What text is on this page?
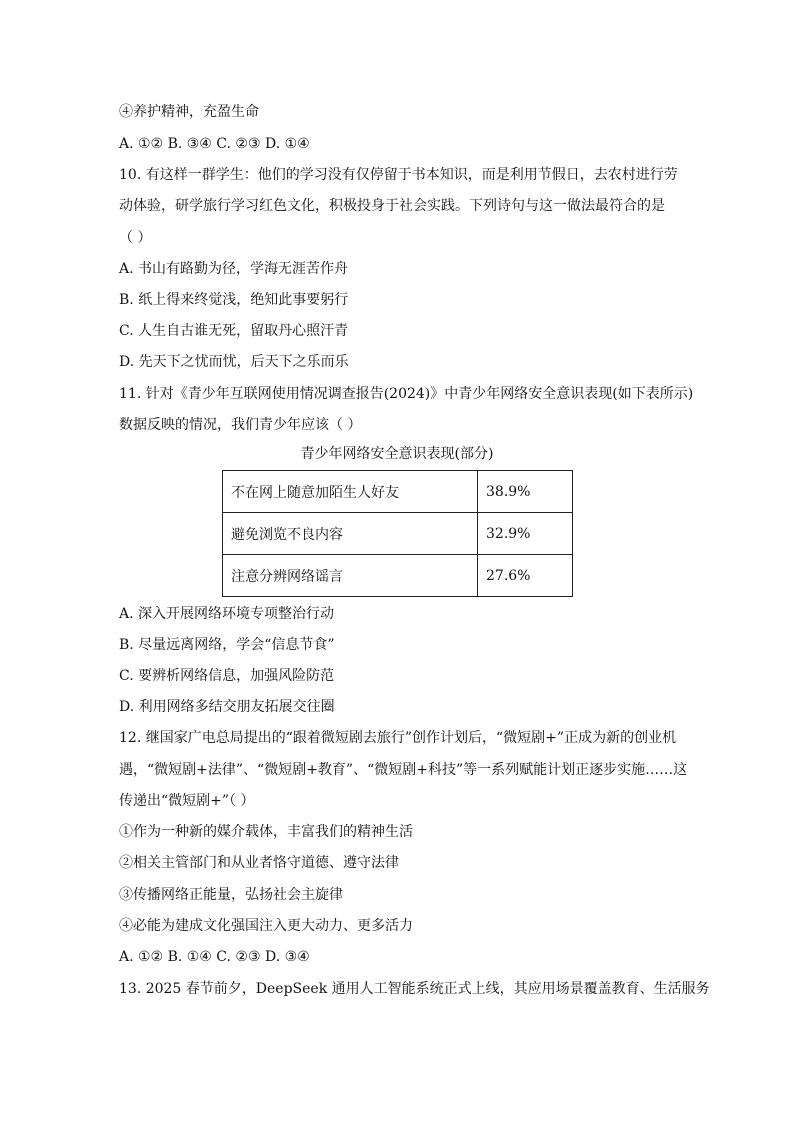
④养护精神，充盈生命
A. ①② B. ③④ C. ②③ D. ①④
10. 有这样一群学生：他们的学习没有仅停留于书本知识，而是利用节假日，去农村进行劳
动体验，研学旅行学习红色文化，积极投身于社会实践。下列诗句与这一做法最符合的是
（ ）
A. 书山有路勤为径，学海无涯苦作舟
B. 纸上得来终觉浅，绝知此事要躬行
C. 人生自古谁无死，留取丹心照汗青
D. 先天下之忧而忧，后天下之乐而乐
11. 针对《青少年互联网使用情况调查报告(2024)》中青少年网络安全意识表现(如下表所示)
数据反映的情况，我们青少年应该（ ）
青少年网络安全意识表现(部分)
不在网上随意加陌生人好友	38.9%
避免浏览不良内容	32.9%
注意分辨网络谣言	27.6%
A. 深入开展网络环境专项整治行动
B. 尽量远离网络，学会“信息节食”
C. 要辨析网络信息，加强风险防范
D. 利用网络多结交朋友拓展交往圈
12. 继国家广电总局提出的“跟着微短剧去旅行”创作计划后，“微短剧+”正成为新的创业机
遇，“微短剧+法律”、“微短剧+教育”、“微短剧+科技”等一系列赋能计划正逐步实施……这
传递出“微短剧+”（ ）
①作为一种新的媒介载体，丰富我们的精神生活
②相关主管部门和从业者恪守道德、遵守法律
③传播网络正能量，弘扬社会主旋律
④必能为建成文化强国注入更大动力、更多活力
A. ①② B. ①④ C. ②③ D. ③④
13. 2025 春节前夕，DeepSeek 通用人工智能系统正式上线，其应用场景覆盖教育、生活服务
